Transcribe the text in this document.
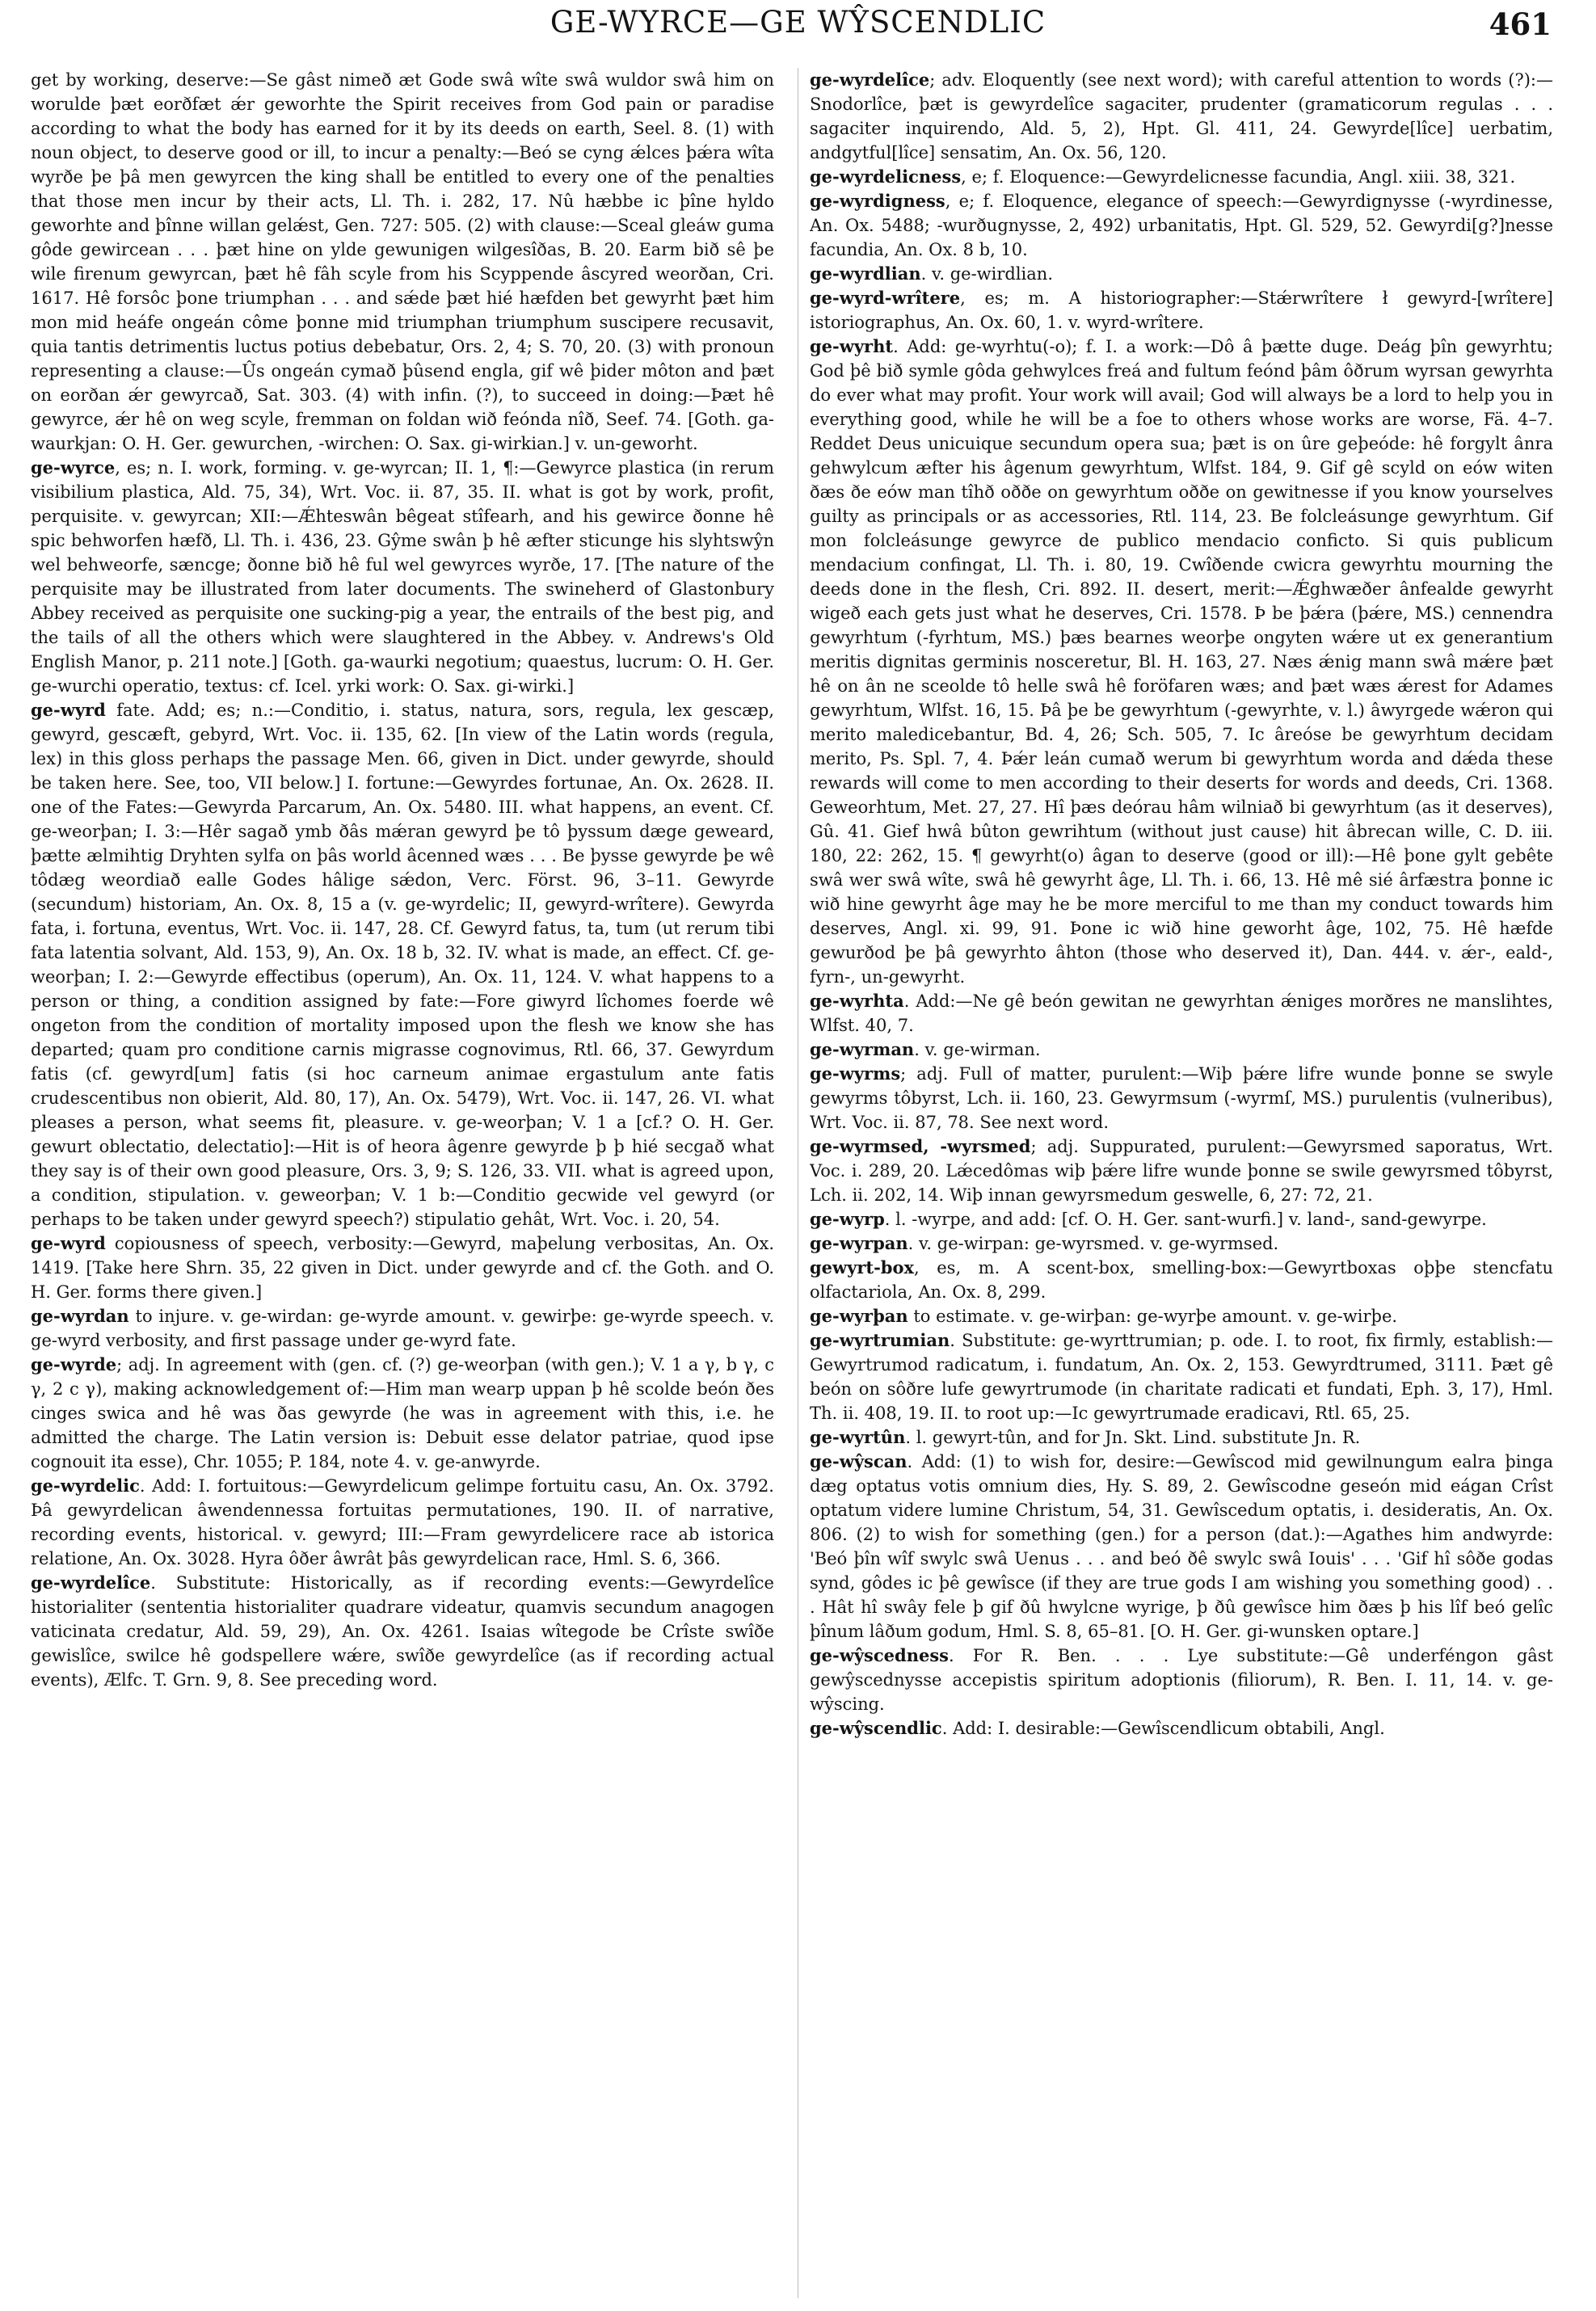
GE-WYRCE—GE WŶSCENDLIC	461

get by working, deserve:—Se gâst nimeð æt Gode swâ wîte swâ wuldor swâ him on worulde þæt eorðfæt ǽr geworhte the Spirit receives from God pain or paradise according to what the body has earned for it by its deeds on earth, Seel. 8. (1) with noun object, to deserve good or ill, to incur a penalty:—Beó se cyng ǽlces þǽra wîta wyrðe þe þâ men gewyrcen the king shall be entitled to every one of the penalties that those men incur by their acts, Ll. Th. i. 282, 17. Nû hæbbe ic þîne hyldo geworhte and þînne willan gelǽst, Gen. 727: 505. (2) with clause:—Sceal gleáw guma gôde gewircean . . . þæt hine on ylde gewunigen wilgesîðas, B. 20. Earm bið sê þe wile firenum gewyrcan, þæt hê fâh scyle from his Scyppende âscyred weorðan, Cri. 1617. Hê forsôc þone triumphan . . . and sǽde þæt hié hæfden bet gewyrht þæt him mon mid heáfe ongeán côme þonne mid triumphan triumphum suscipere recusavit, quia tantis detrimentis luctus potius debebatur, Ors. 2, 4; S. 70, 20. (3) with pronoun representing a clause:—Ûs ongeán cymað þûsend engla, gif wê þider môton and þæt on eorðan ǽr gewyrcað, Sat. 303. (4) with infin. (?), to succeed in doing:—Þæt hê gewyrce, ǽr hê on weg scyle, fremman on foldan wið feónda nîð, Seef. 74. [Goth. ga-waurkjan: O. H. Ger. gewurchen, -wirchen: O. Sax. gi-wirkian.] v. un-geworht.

ge-wyrce, es; n. I. work, forming. v. ge-wyrcan; II. 1, ¶:—Gewyrce plastica (in rerum visibilium plastica, Ald. 75, 34), Wrt. Voc. ii. 87, 35. II. what is got by work, profit, perquisite. v. gewyrcan; XII:—Ǽhteswân bêgeat stîfearh, and his gewirce ðonne hê spic behworfen hæfð, Ll. Th. i. 436, 23. Gŷme swân þ hê æfter sticunge his slyhtswŷn wel behweorfe, sæncge; ðonne bið hê ful wel gewyrces wyrðe, 17. [The nature of the perquisite may be illustrated from later documents. The swineherd of Glastonbury Abbey received as perquisite one sucking-pig a year, the entrails of the best pig, and the tails of all the others which were slaughtered in the Abbey. v. Andrews's Old English Manor, p. 211 note.] [Goth. ga-waurki negotium; quaestus, lucrum: O. H. Ger. ge-wurchi operatio, textus: cf. Icel. yrki work: O. Sax. gi-wirki.]

ge-wyrd fate. Add; es; n.:—Conditio, i. status, natura, sors, regula, lex gescæp, gewyrd, gescæft, gebyrd, Wrt. Voc. ii. 135, 62. [In view of the Latin words (regula, lex) in this gloss perhaps the passage Men. 66, given in Dict. under gewyrde, should be taken here. See, too, VII below.] I. fortune:—Gewyrdes fortunae, An. Ox. 2628. II. one of the Fates:—Gewyrda Parcarum, An. Ox. 5480. III. what happens, an event. Cf. ge-weorþan; I. 3:—Hêr sagað ymb ðâs mǽran gewyrd þe tô þyssum dæge geweard, þætte ælmihtig Dryhten sylfa on þâs world âcenned wæs . . . Be þysse gewyrde þe wê tôdæg weordiað ealle Godes hâlige sǽdon, Verc. Först. 96, 3–11. Gewyrde (secundum) historiam, An. Ox. 8, 15 a (v. ge-wyrdelic; II, gewyrd-wrîtere). Gewyrda fata, i. fortuna, eventus, Wrt. Voc. ii. 147, 28. Cf. Gewyrd fatus, ta, tum (ut rerum tibi fata latentia solvant, Ald. 153, 9), An. Ox. 18 b, 32. IV. what is made, an effect. Cf. ge-weorþan; I. 2:—Gewyrde effectibus (operum), An. Ox. 11, 124. V. what happens to a person or thing, a condition assigned by fate:—Fore giwyrd lîchomes foerde wê ongeton from the condition of mortality imposed upon the flesh we know she has departed; quam pro conditione carnis migrasse cognovimus, Rtl. 66, 37. Gewyrdum fatis (cf. gewyrd[um] fatis (si hoc carneum animae ergastulum ante fatis crudescentibus non obierit, Ald. 80, 17), An. Ox. 5479), Wrt. Voc. ii. 147, 26. VI. what pleases a person, what seems fit, pleasure. v. ge-weorþan; V. 1 a [cf.? O. H. Ger. gewurt oblectatio, delectatio]:—Hit is of heora âgenre gewyrde þ þ hié secgað what they say is of their own good pleasure, Ors. 3, 9; S. 126, 33. VII. what is agreed upon, a condition, stipulation. v. geweorþan; V. 1 b:—Conditio gecwide vel gewyrd (or perhaps to be taken under gewyrd speech?) stipulatio gehât, Wrt. Voc. i. 20, 54.

ge-wyrd copiousness of speech, verbosity:—Gewyrd, maþelung verbositas, An. Ox. 1419. [Take here Shrn. 35, 22 given in Dict. under gewyrde and cf. the Goth. and O. H. Ger. forms there given.]

ge-wyrdan to injure. v. ge-wirdan: ge-wyrde amount. v. gewirþe: ge-wyrde speech. v. ge-wyrd verbosity, and first passage under ge-wyrd fate.

ge-wyrde; adj. In agreement with (gen. cf. (?) ge-weorþan (with gen.); V. 1 a γ, b γ, c γ, 2 c γ), making acknowledgement of:—Him man wearp uppan þ hê scolde beón ðes cinges swica and hê was ðas gewyrde (he was in agreement with this, i.e. he admitted the charge. The Latin version is: Debuit esse delator patriae, quod ipse cognouit ita esse), Chr. 1055; P. 184, note 4. v. ge-anwyrde.

ge-wyrdelic. Add: I. fortuitous:—Gewyrdelicum gelimpe fortuitu casu, An. Ox. 3792. Þâ gewyrdelican âwendennessa fortuitas permutationes, 190. II. of narrative, recording events, historical. v. gewyrd; III:—Fram gewyrdelicere race ab istorica relatione, An. Ox. 3028. Hyra ôðer âwrât þâs gewyrdelican race, Hml. S. 6, 366.

ge-wyrdelîce. Substitute: Historically, as if recording events:—Gewyrdelîce historialiter (sententia historialiter quadrare videatur, quamvis secundum anagogen vaticinata credatur, Ald. 59, 29), An. Ox. 4261. Isaias wîtegode be Crîste swîðe gewislîce, swilce hê godspellere wǽre, swîðe gewyrdelîce (as if recording actual events), Ælfc. T. Grn. 9, 8. See preceding word.

ge-wyrdelîce; adv. Eloquently (see next word); with careful attention to words (?):—Snodorlîce, þæt is gewyrdelîce sagaciter, prudenter (gramaticorum regulas . . . sagaciter inquirendo, Ald. 5, 2), Hpt. Gl. 411, 24. Gewyrde[lîce] uerbatim, andgytful[lîce] sensatim, An. Ox. 56, 120.

ge-wyrdelicness, e; f. Eloquence:—Gewyrdelicnesse facundia, Angl. xiii. 38, 321.

ge-wyrdigness, e; f. Eloquence, elegance of speech:—Gewyrdignysse (-wyrdinesse, An. Ox. 5488; -wurðugnysse, 2, 492) urbanitatis, Hpt. Gl. 529, 52. Gewyrdi[g?]nesse facundia, An. Ox. 8 b, 10.

ge-wyrdlian. v. ge-wirdlian.

ge-wyrd-wrîtere, es; m. A historiographer:—Stǽrwrîtere ł gewyrd-[wrîtere] istoriographus, An. Ox. 60, 1. v. wyrd-wrîtere.

ge-wyrht. Add: ge-wyrhtu(-o); f. I. a work:—Dô â þætte duge. Deág þîn gewyrhtu; God þê bið symle gôda gehwylces freá and fultum feónd þâm ôðrum wyrsan gewyrhta do ever what may profit. Your work will avail; God will always be a lord to help you in everything good, while he will be a foe to others whose works are worse, Fä. 4–7. Reddet Deus unicuique secundum opera sua; þæt is on ûre geþeóde: hê forgylt ânra gehwylcum æfter his âgenum gewyrhtum, Wlfst. 184, 9. Gif gê scyld on eów witen ðæs ðe eów man tîhð oððe on gewyrhtum oððe on gewitnesse if you know yourselves guilty as principals or as accessories, Rtl. 114, 23. Be folcleásunge gewyrhtum. Gif mon folcleásunge gewyrce de publico mendacio conficto. Si quis publicum mendacium confingat, Ll. Th. i. 80, 19. Cwîðende cwicra gewyrhtu mourning the deeds done in the flesh, Cri. 892. II. desert, merit:—Ǽghwæðer ânfealde gewyrht wigeð each gets just what he deserves, Cri. 1578. Þ be þǽra (þǽre, MS.) cennendra gewyrhtum (-fyrhtum, MS.) þæs bearnes weorþe ongyten wǽre ut ex generantium meritis dignitas germinis nosceretur, Bl. H. 163, 27. Næs ǽnig mann swâ mǽre þæt hê on ân ne sceolde tô helle swâ hê foröfaren wæs; and þæt wæs ǽrest for Adames gewyrhtum, Wlfst. 16, 15. Þâ þe be gewyrhtum (-gewyrhte, v. l.) âwyrgede wǽron qui merito maledicebantur, Bd. 4, 26; Sch. 505, 7. Ic âreóse be gewyrhtum decidam merito, Ps. Spl. 7, 4. Þǽr leán cumað werum bi gewyrhtum worda and dǽda these rewards will come to men according to their deserts for words and deeds, Cri. 1368. Geweorhtum, Met. 27, 27. Hî þæs deórau hâm wilniað bi gewyrhtum (as it deserves), Gû. 41. Gief hwâ bûton gewrihtum (without just cause) hit âbrecan wille, C. D. iii. 180, 22: 262, 15. ¶ gewyrht(o) âgan to deserve (good or ill):—Hê þone gylt gebête swâ wer swâ wîte, swâ hê gewyrht âge, Ll. Th. i. 66, 13. Hê mê sié ârfæstra þonne ic wið hine gewyrht âge may he be more merciful to me than my conduct towards him deserves, Angl. xi. 99, 91. Þone ic wið hine geworht âge, 102, 75. Hê hæfde gewurðod þe þâ gewyrhto âhton (those who deserved it), Dan. 444. v. ǽr-, eald-, fyrn-, un-gewyrht.

ge-wyrhta. Add:—Ne gê beón gewitan ne gewyrhtan ǽniges morðres ne manslihtes, Wlfst. 40, 7.

ge-wyrman. v. ge-wirman.

ge-wyrms; adj. Full of matter, purulent:—Wiþ þǽre lifre wunde þonne se swyle gewyrms tôbyrst, Lch. ii. 160, 23. Gewyrmsum (-wyrmſ, MS.) purulentis (vulneribus), Wrt. Voc. ii. 87, 78. See next word.

ge-wyrmsed, -wyrsmed; adj. Suppurated, purulent:—Gewyrsmed saporatus, Wrt. Voc. i. 289, 20. Lǽcedômas wiþ þǽre lifre wunde þonne se swile gewyrsmed tôbyrst, Lch. ii. 202, 14. Wiþ innan gewyrsmedum geswelle, 6, 27: 72, 21.

ge-wyrp. l. -wyrpe, and add: [cf. O. H. Ger. sant-wurfi.] v. land-, sand-gewyrpe.

ge-wyrpan. v. ge-wirpan: ge-wyrsmed. v. ge-wyrmsed.

gewyrt-box, es, m. A scent-box, smelling-box:—Gewyrtboxas oþþe stencfatu olfactariola, An. Ox. 8, 299.

ge-wyrþan to estimate. v. ge-wirþan: ge-wyrþe amount. v. ge-wirþe.

ge-wyrtrumian. Substitute: ge-wyrttrumian; p. ode. I. to root, fix firmly, establish:—Gewyrtrumod radicatum, i. fundatum, An. Ox. 2, 153. Gewyrdtrumed, 3111. Þæt gê beón on sôðre lufe gewyrtrumode (in charitate radicati et fundati, Eph. 3, 17), Hml. Th. ii. 408, 19. II. to root up:—Ic gewyrtrumade eradicavi, Rtl. 65, 25.

ge-wyrtûn. l. gewyrt-tûn, and for Jn. Skt. Lind. substitute Jn. R.

ge-wŷscan. Add: (1) to wish for, desire:—Gewîscod mid gewilnungum ealra þinga dæg optatus votis omnium dies, Hy. S. 89, 2. Gewîscodne geseón mid eágan Crîst optatum videre lumine Christum, 54, 31. Gewîscedum optatis, i. desideratis, An. Ox. 806. (2) to wish for something (gen.) for a person (dat.):—Agathes him andwyrde: 'Beó þîn wîf swylc swâ Uenus . . . and beó ðê swylc swâ Iouis' . . . 'Gif hî sôðe godas synd, gôdes ic þê gewîsce (if they are true gods I am wishing you something good) . . . Hât hî swây fele þ gif ðû hwylcne wyrige, þ ðû gewîsce him ðæs þ his lîf beó gelîc þînum lâðum godum, Hml. S. 8, 65–81. [O. H. Ger. gi-wunsken optare.]

ge-wŷscedness. For R. Ben. . . . Lye substitute:—Gê underféngon gâst gewŷscednysse accepistis spiritum adoptionis (filiorum), R. Ben. I. 11, 14. v. ge-wŷscing.

ge-wŷscendlic. Add: I. desirable:—Gewîscendlicum obtabili, Angl.
